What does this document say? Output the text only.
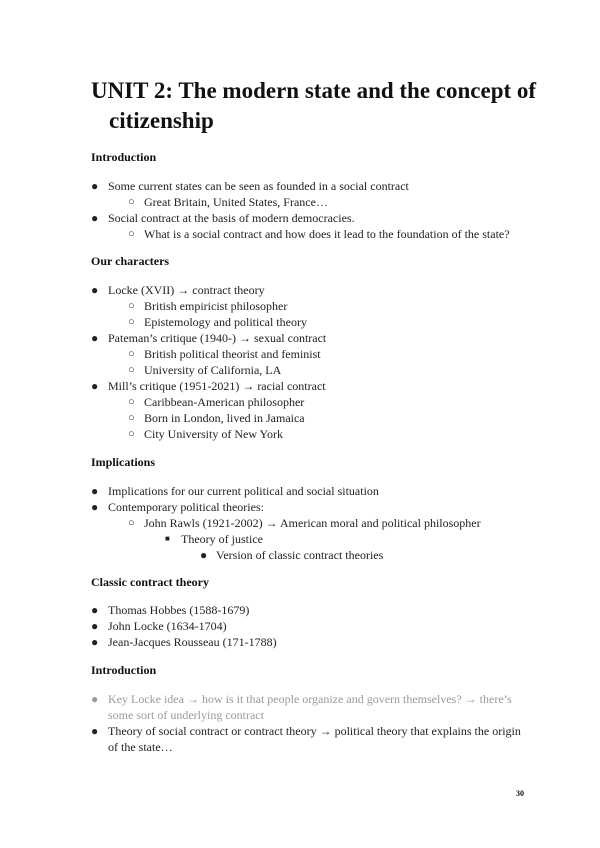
UNIT 2: The modern state and the concept of citizenship

Introduction

● Some current states can be seen as founded in a social contract
○ Great Britain, United States, France…
● Social contract at the basis of modern democracies.
○ What is a social contract and how does it lead to the foundation of the state?

Our characters

● Locke (XVII) → contract theory
○ British empiricist philosopher
○ Epistemology and political theory
● Pateman’s critique (1940-) → sexual contract
○ British political theorist and feminist
○ University of California, LA
● Mill’s critique (1951-2021) → racial contract
○ Caribbean-American philosopher
○ Born in London, lived in Jamaica
○ City University of New York

Implications

● Implications for our current political and social situation
● Contemporary political theories:
○ John Rawls (1921-2002) → American moral and political philosopher
■ Theory of justice
● Version of classic contract theories

Classic contract theory

● Thomas Hobbes (1588-1679)
● John Locke (1634-1704)
● Jean-Jacques Rousseau (171-1788)

Introduction

● Key Locke idea → how is it that people organize and govern themselves? → there’s
some sort of underlying contract
● Theory of social contract or contract theory → political theory that explains the origin
of the state…
30
